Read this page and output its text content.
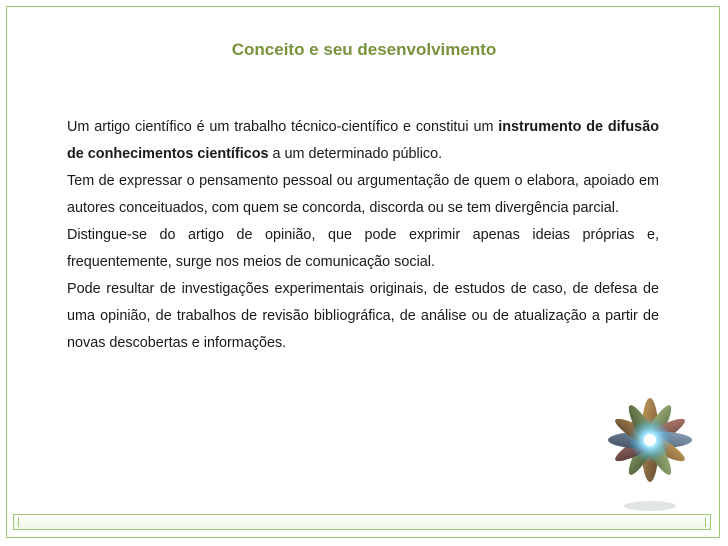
Conceito e seu desenvolvimento

Um artigo científico é um trabalho técnico-científico e constitui um instrumento de difusão de conhecimentos científicos a um determinado público.

Tem de expressar o pensamento pessoal ou argumentação de quem o elabora, apoiado em autores conceituados, com quem se concorda, discorda ou se tem divergência parcial.

Distingue-se do artigo de opinião, que pode exprimir apenas ideias próprias e, frequentemente, surge nos meios de comunicação social.

Pode resultar de investigações experimentais originais, de estudos de caso, de defesa de uma opinião, de trabalhos de revisão bibliográfica, de análise ou de atualização a partir de novas descobertas e informações.
